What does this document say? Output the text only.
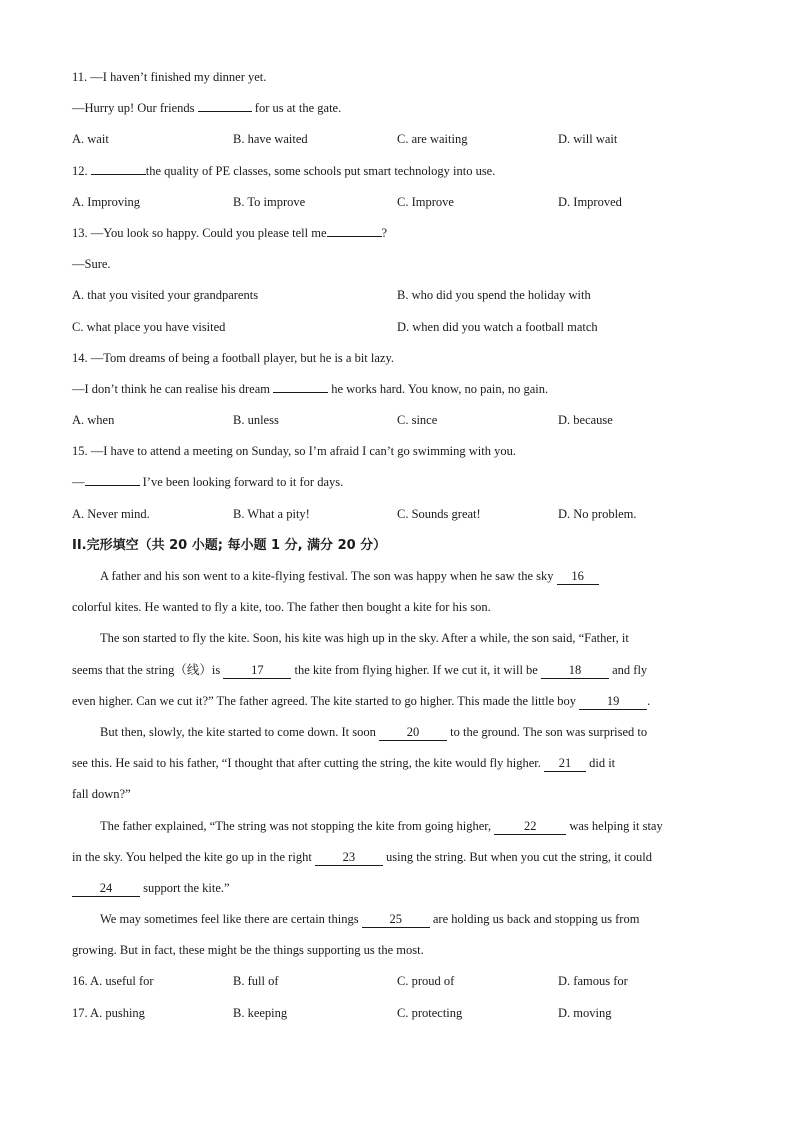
11. —I haven’t finished my dinner yet.
—Hurry up! Our friends	for us at the gate.
A. wait	B. have waited	C. are waiting	D. will wait
12.	the quality of PE classes, some schools put smart technology into use.
A. Improving	B. To improve	C. Improve	D. Improved
13. —You look so happy. Could you please tell me	?
—Sure.
A. that you visited your grandparents	B. who did you spend the holiday with
C. what place you have visited	D. when did you watch a football match
14. —Tom dreams of being a football player, but he is a bit lazy.
—I don’t think he can realise his dream	he works hard. You know, no pain, no gain.
A. when	B. unless	C. since	D. because
15. —I have to attend a meeting on Sunday, so I’m afraid I can’t go swimming with you.
—	I’ve been looking forward to it for days.
A. Never mind.	B. What a pity!	C. Sounds great!	D. No problem.
II.完形填空（共 20 小题; 每小题 1 分, 满分 20 分）
A father and his son went to a kite-flying festival. The son was happy when he saw the sky 16
colorful kites. He wanted to fly a kite, too. The father then bought a kite for his son.
The son started to fly the kite. Soon, his kite was high up in the sky. After a while, the son said, “Father, it
seems that the string（线）is 17 the kite from flying higher. If we cut it, it will be 18 and fly
even higher. Can we cut it?” The father agreed. The kite started to go higher. This made the little boy 19 .
But then, slowly, the kite started to come down. It soon 20 to the ground. The son was surprised to
see this. He said to his father, “I thought that after cutting the string, the kite would fly higher. 21 did it
fall down?”
The father explained, “The string was not stopping the kite from going higher,	22	was helping it stay
in the sky. You helped the kite go up in the right 23 using the string. But when you cut the string, it could
24 support the kite.”
We may sometimes feel like there are certain things 25 are holding us back and stopping us from
growing. But in fact, these might be the things supporting us the most.
16. A. useful for	B. full of	C. proud of	D. famous for
17. A. pushing	B. keeping	C. protecting	D. moving
